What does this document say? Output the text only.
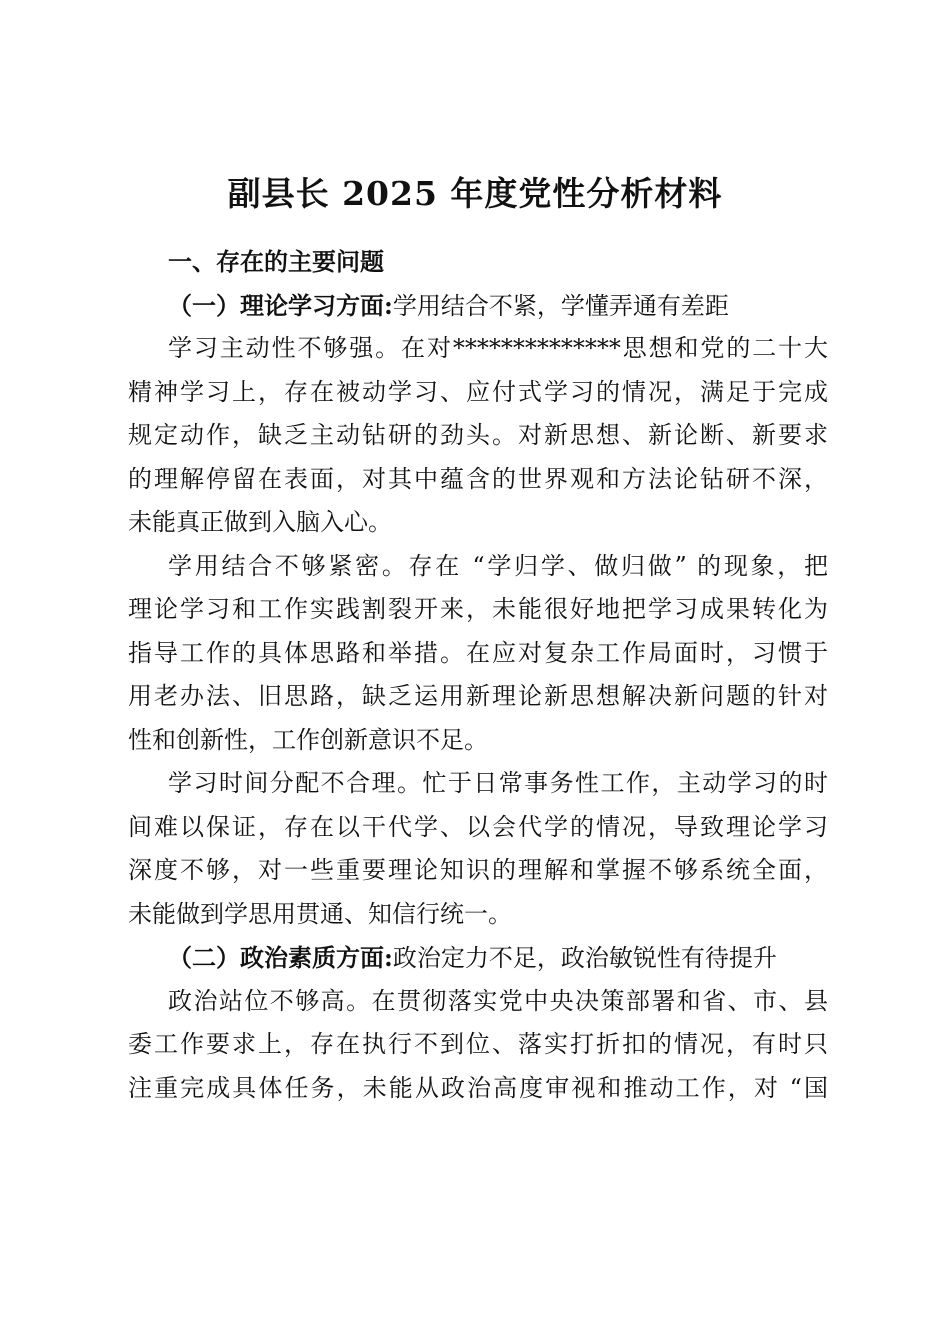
副县长 2025 年度党性分析材料
一、存在的主要问题
（一）理论学习方面:学用结合不紧，学懂弄通有差距
学习主动性不够强。在对**************思想和党的二十大
精神学习上，存在被动学习、应付式学习的情况，满足于完成
规定动作，缺乏主动钻研的劲头。对新思想、新论断、新要求
的理解停留在表面，对其中蕴含的世界观和方法论钻研不深，
未能真正做到入脑入心。
学用结合不够紧密。存在 “学归学、做归做” 的现象，把
理论学习和工作实践割裂开来，未能很好地把学习成果转化为
指导工作的具体思路和举措。在应对复杂工作局面时，习惯于
用老办法、旧思路，缺乏运用新理论新思想解决新问题的针对
性和创新性，工作创新意识不足。
学习时间分配不合理。忙于日常事务性工作，主动学习的时
间难以保证，存在以干代学、以会代学的情况，导致理论学习
深度不够，对一些重要理论知识的理解和掌握不够系统全面，
未能做到学思用贯通、知信行统一。
（二）政治素质方面:政治定力不足，政治敏锐性有待提升
政治站位不够高。在贯彻落实党中央决策部署和省、市、县
委工作要求上，存在执行不到位、落实打折扣的情况，有时只
注重完成具体任务，未能从政治高度审视和推动工作，对 “国
